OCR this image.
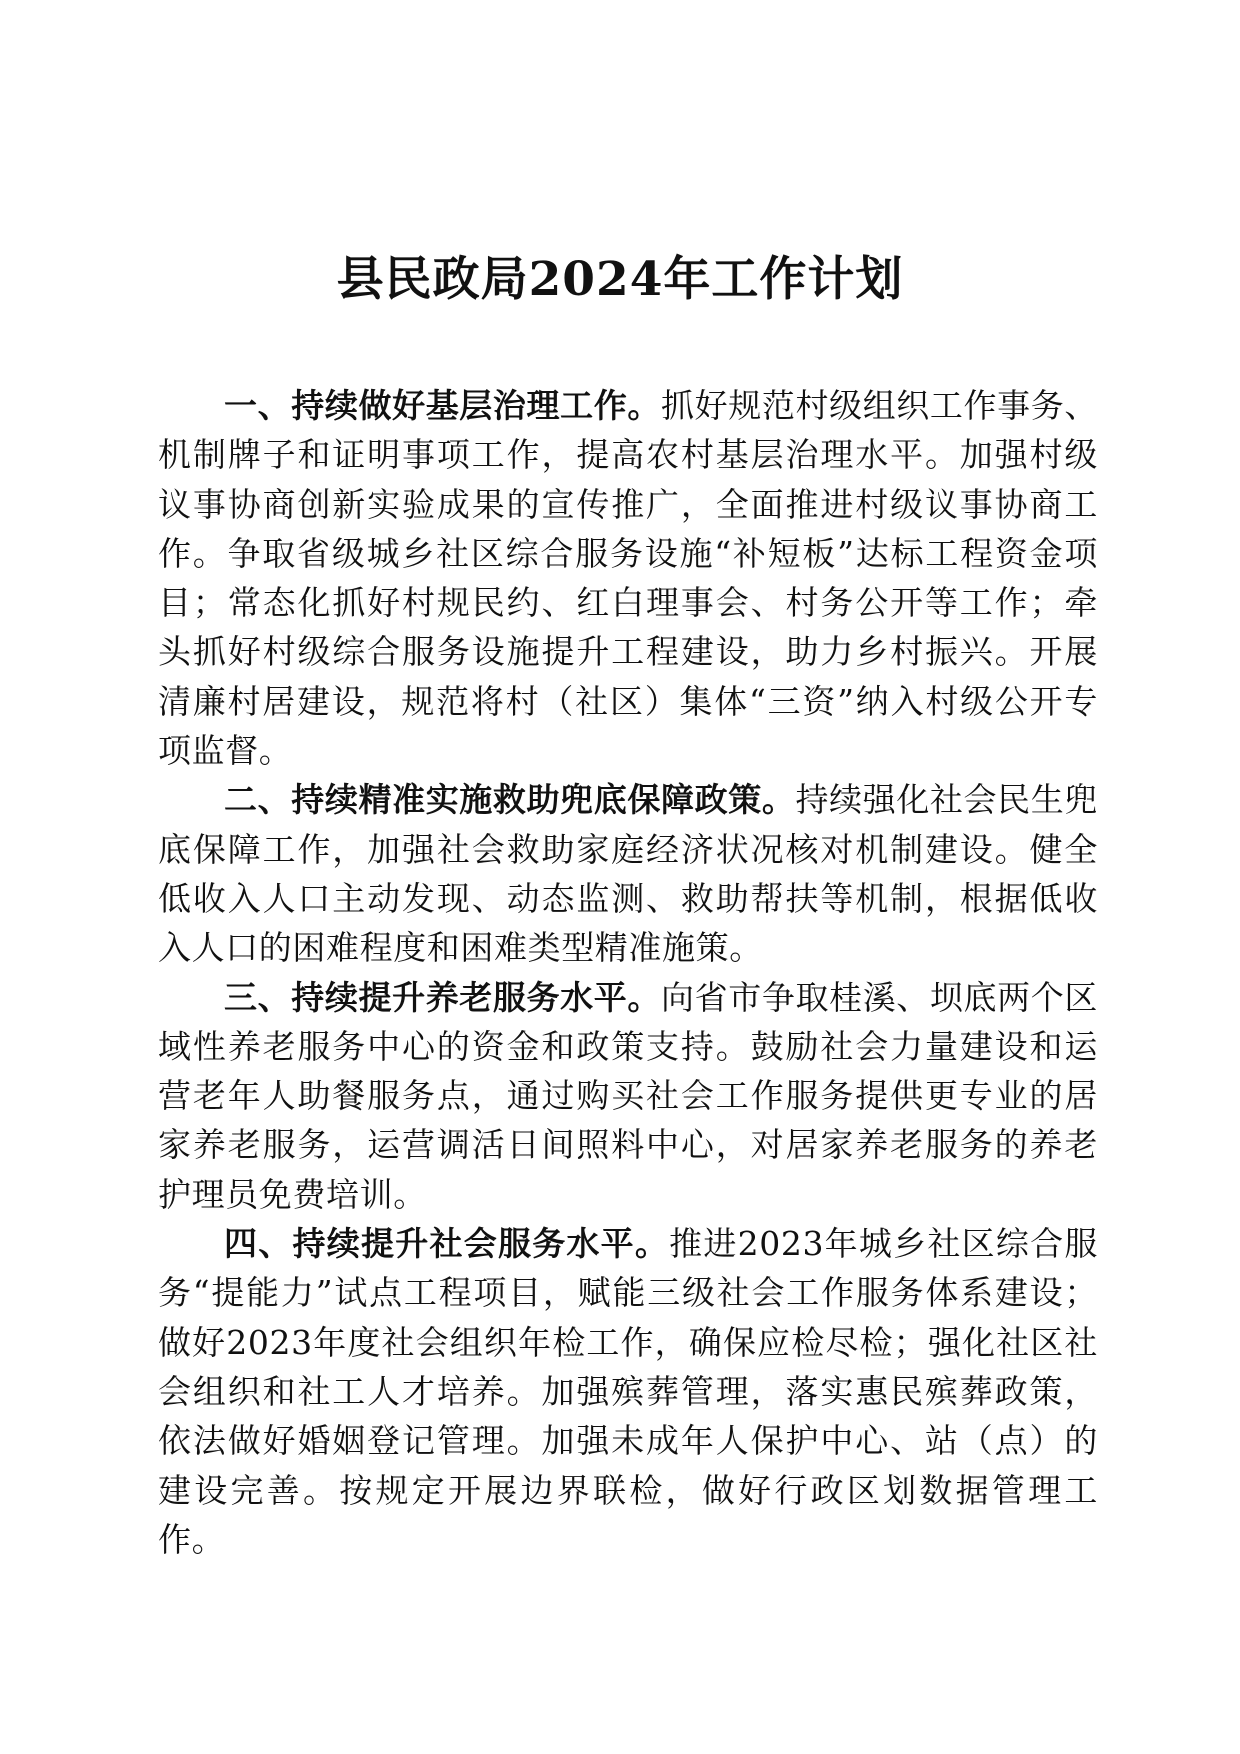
县民政局2024年工作计划

一、持续做好基层治理工作。抓好规范村级组织工作事务、机制牌子和证明事项工作，提高农村基层治理水平。加强村级议事协商创新实验成果的宣传推广，全面推进村级议事协商工作。争取省级城乡社区综合服务设施“补短板”达标工程资金项目；常态化抓好村规民约、红白理事会、村务公开等工作；牵头抓好村级综合服务设施提升工程建设，助力乡村振兴。开展清廉村居建设，规范将村（社区）集体“三资”纳入村级公开专项监督。

二、持续精准实施救助兜底保障政策。持续强化社会民生兜底保障工作，加强社会救助家庭经济状况核对机制建设。健全低收入人口主动发现、动态监测、救助帮扶等机制，根据低收入人口的困难程度和困难类型精准施策。

三、持续提升养老服务水平。向省市争取桂溪、坝底两个区域性养老服务中心的资金和政策支持。鼓励社会力量建设和运营老年人助餐服务点，通过购买社会工作服务提供更专业的居家养老服务，运营调活日间照料中心，对居家养老服务的养老护理员免费培训。

四、持续提升社会服务水平。推进2023年城乡社区综合服务“提能力”试点工程项目，赋能三级社会工作服务体系建设；做好2023年度社会组织年检工作，确保应检尽检；强化社区社会组织和社工人才培养。加强殡葬管理，落实惠民殡葬政策，依法做好婚姻登记管理。加强未成年人保护中心、站（点）的建设完善。按规定开展边界联检，做好行政区划数据管理工作。
